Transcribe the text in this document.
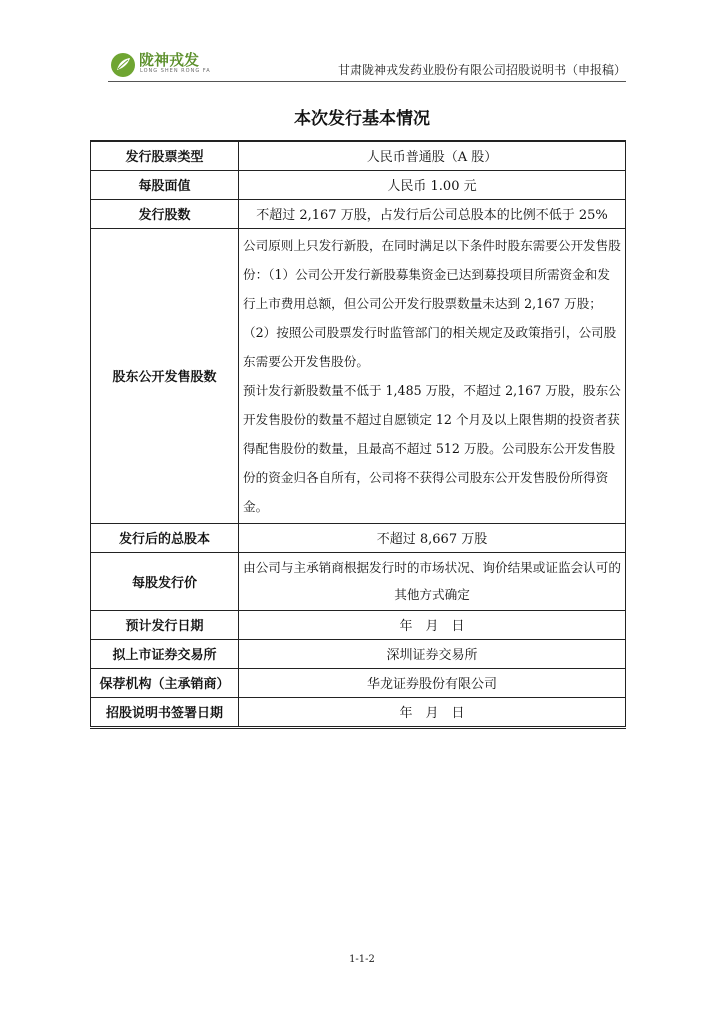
陇神戎发
LONG SHEN RONG FA	甘肃陇神戎发药业股份有限公司招股说明书（申报稿）
本次发行基本情况
发行股票类型	人民币普通股（A 股）
每股面值	人民币 1.00 元
发行股数	不超过 2,167 万股，占发行后公司总股本的比例不低于 25%
股东公开发售股数	公司原则上只发行新股，在同时满足以下条件时股东需要公开发售股份：（1）公司公开发行新股募集资金已达到募投项目所需资金和发行上市费用总额，但公司公开发行股票数量未达到 2,167 万股；（2）按照公司股票发行时监管部门的相关规定及政策指引，公司股东需要公开发售股份。
预计发行新股数量不低于 1,485 万股，不超过 2,167 万股，股东公开发售股份的数量不超过自愿锁定 12 个月及以上限售期的投资者获得配售股份的数量，且最高不超过 512 万股。公司股东公开发售股份的资金归各自所有，公司将不获得公司股东公开发售股份所得资金。

发行后的总股本	不超过 8,667 万股
每股发行价	由公司与主承销商根据发行时的市场状况、询价结果或证监会认可的其他方式确定
预计发行日期	年　月　日
拟上市证券交易所	深圳证券交易所
保荐机构（主承销商）	华龙证券股份有限公司
招股说明书签署日期	年　月　日
1-1-2
